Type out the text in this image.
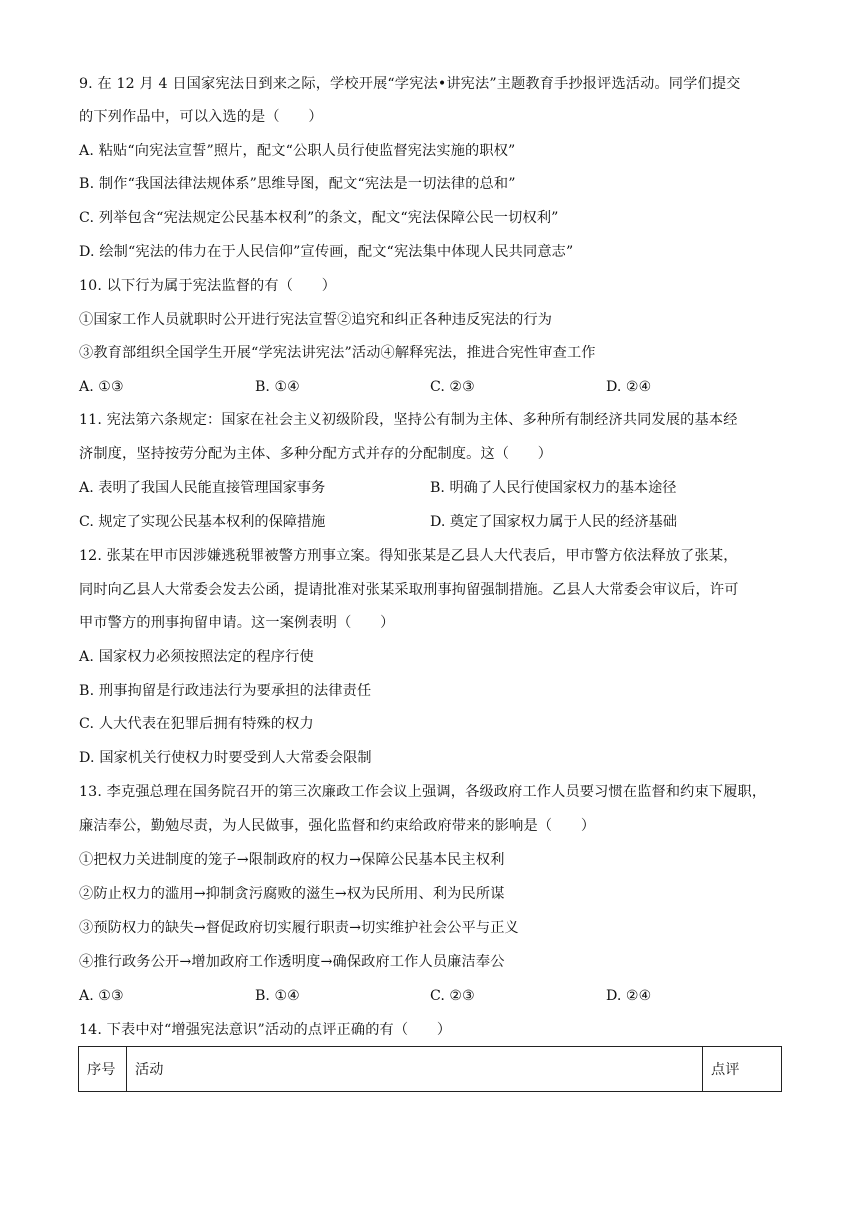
9. 在 12 月 4 日国家宪法日到来之际，学校开展“学宪法•讲宪法”主题教育手抄报评选活动。同学们提交
的下列作品中，可以入选的是（　　）
A. 粘贴“向宪法宣誓”照片，配文“公职人员行使监督宪法实施的职权”
B. 制作“我国法律法规体系”思维导图，配文“宪法是一切法律的总和”
C. 列举包含“宪法规定公民基本权利”的条文，配文“宪法保障公民一切权利”
D. 绘制“宪法的伟力在于人民信仰”宣传画，配文“宪法集中体现人民共同意志”
10. 以下行为属于宪法监督的有（　　）
①国家工作人员就职时公开进行宪法宣誓②追究和纠正各种违反宪法的行为
③教育部组织全国学生开展“学宪法讲宪法”活动④解释宪法，推进合宪性审查工作
A. ①③	B. ①④	C. ②③	D. ②④
11. 宪法第六条规定：国家在社会主义初级阶段，坚持公有制为主体、多种所有制经济共同发展的基本经
济制度，坚持按劳分配为主体、多种分配方式并存的分配制度。这（　　）
A. 表明了我国人民能直接管理国家事务	B. 明确了人民行使国家权力的基本途径
C. 规定了实现公民基本权利的保障措施	D. 奠定了国家权力属于人民的经济基础
12. 张某在甲市因涉嫌逃税罪被警方刑事立案。得知张某是乙县人大代表后，甲市警方依法释放了张某，
同时向乙县人大常委会发去公函，提请批准对张某采取刑事拘留强制措施。乙县人大常委会审议后，许可
甲市警方的刑事拘留申请。这一案例表明（　　）
A. 国家权力必须按照法定的程序行使
B. 刑事拘留是行政违法行为要承担的法律责任
C. 人大代表在犯罪后拥有特殊的权力
D. 国家机关行使权力时要受到人大常委会限制
13. 李克强总理在国务院召开的第三次廉政工作会议上强调，各级政府工作人员要习惯在监督和约束下履职，
廉洁奉公，勤勉尽责，为人民做事，强化监督和约束给政府带来的影响是（　　）
①把权力关进制度的笼子→限制政府的权力→保障公民基本民主权利
②防止权力的滥用→抑制贪污腐败的滋生→权为民所用、利为民所谋
③预防权力的缺失→督促政府切实履行职责→切实维护社会公平与正义
④推行政务公开→增加政府工作透明度→确保政府工作人员廉洁奉公
A. ①③	B. ①④	C. ②③	D. ②④
14. 下表中对“增强宪法意识”活动的点评正确的有（　　）
序号	活动	点评
